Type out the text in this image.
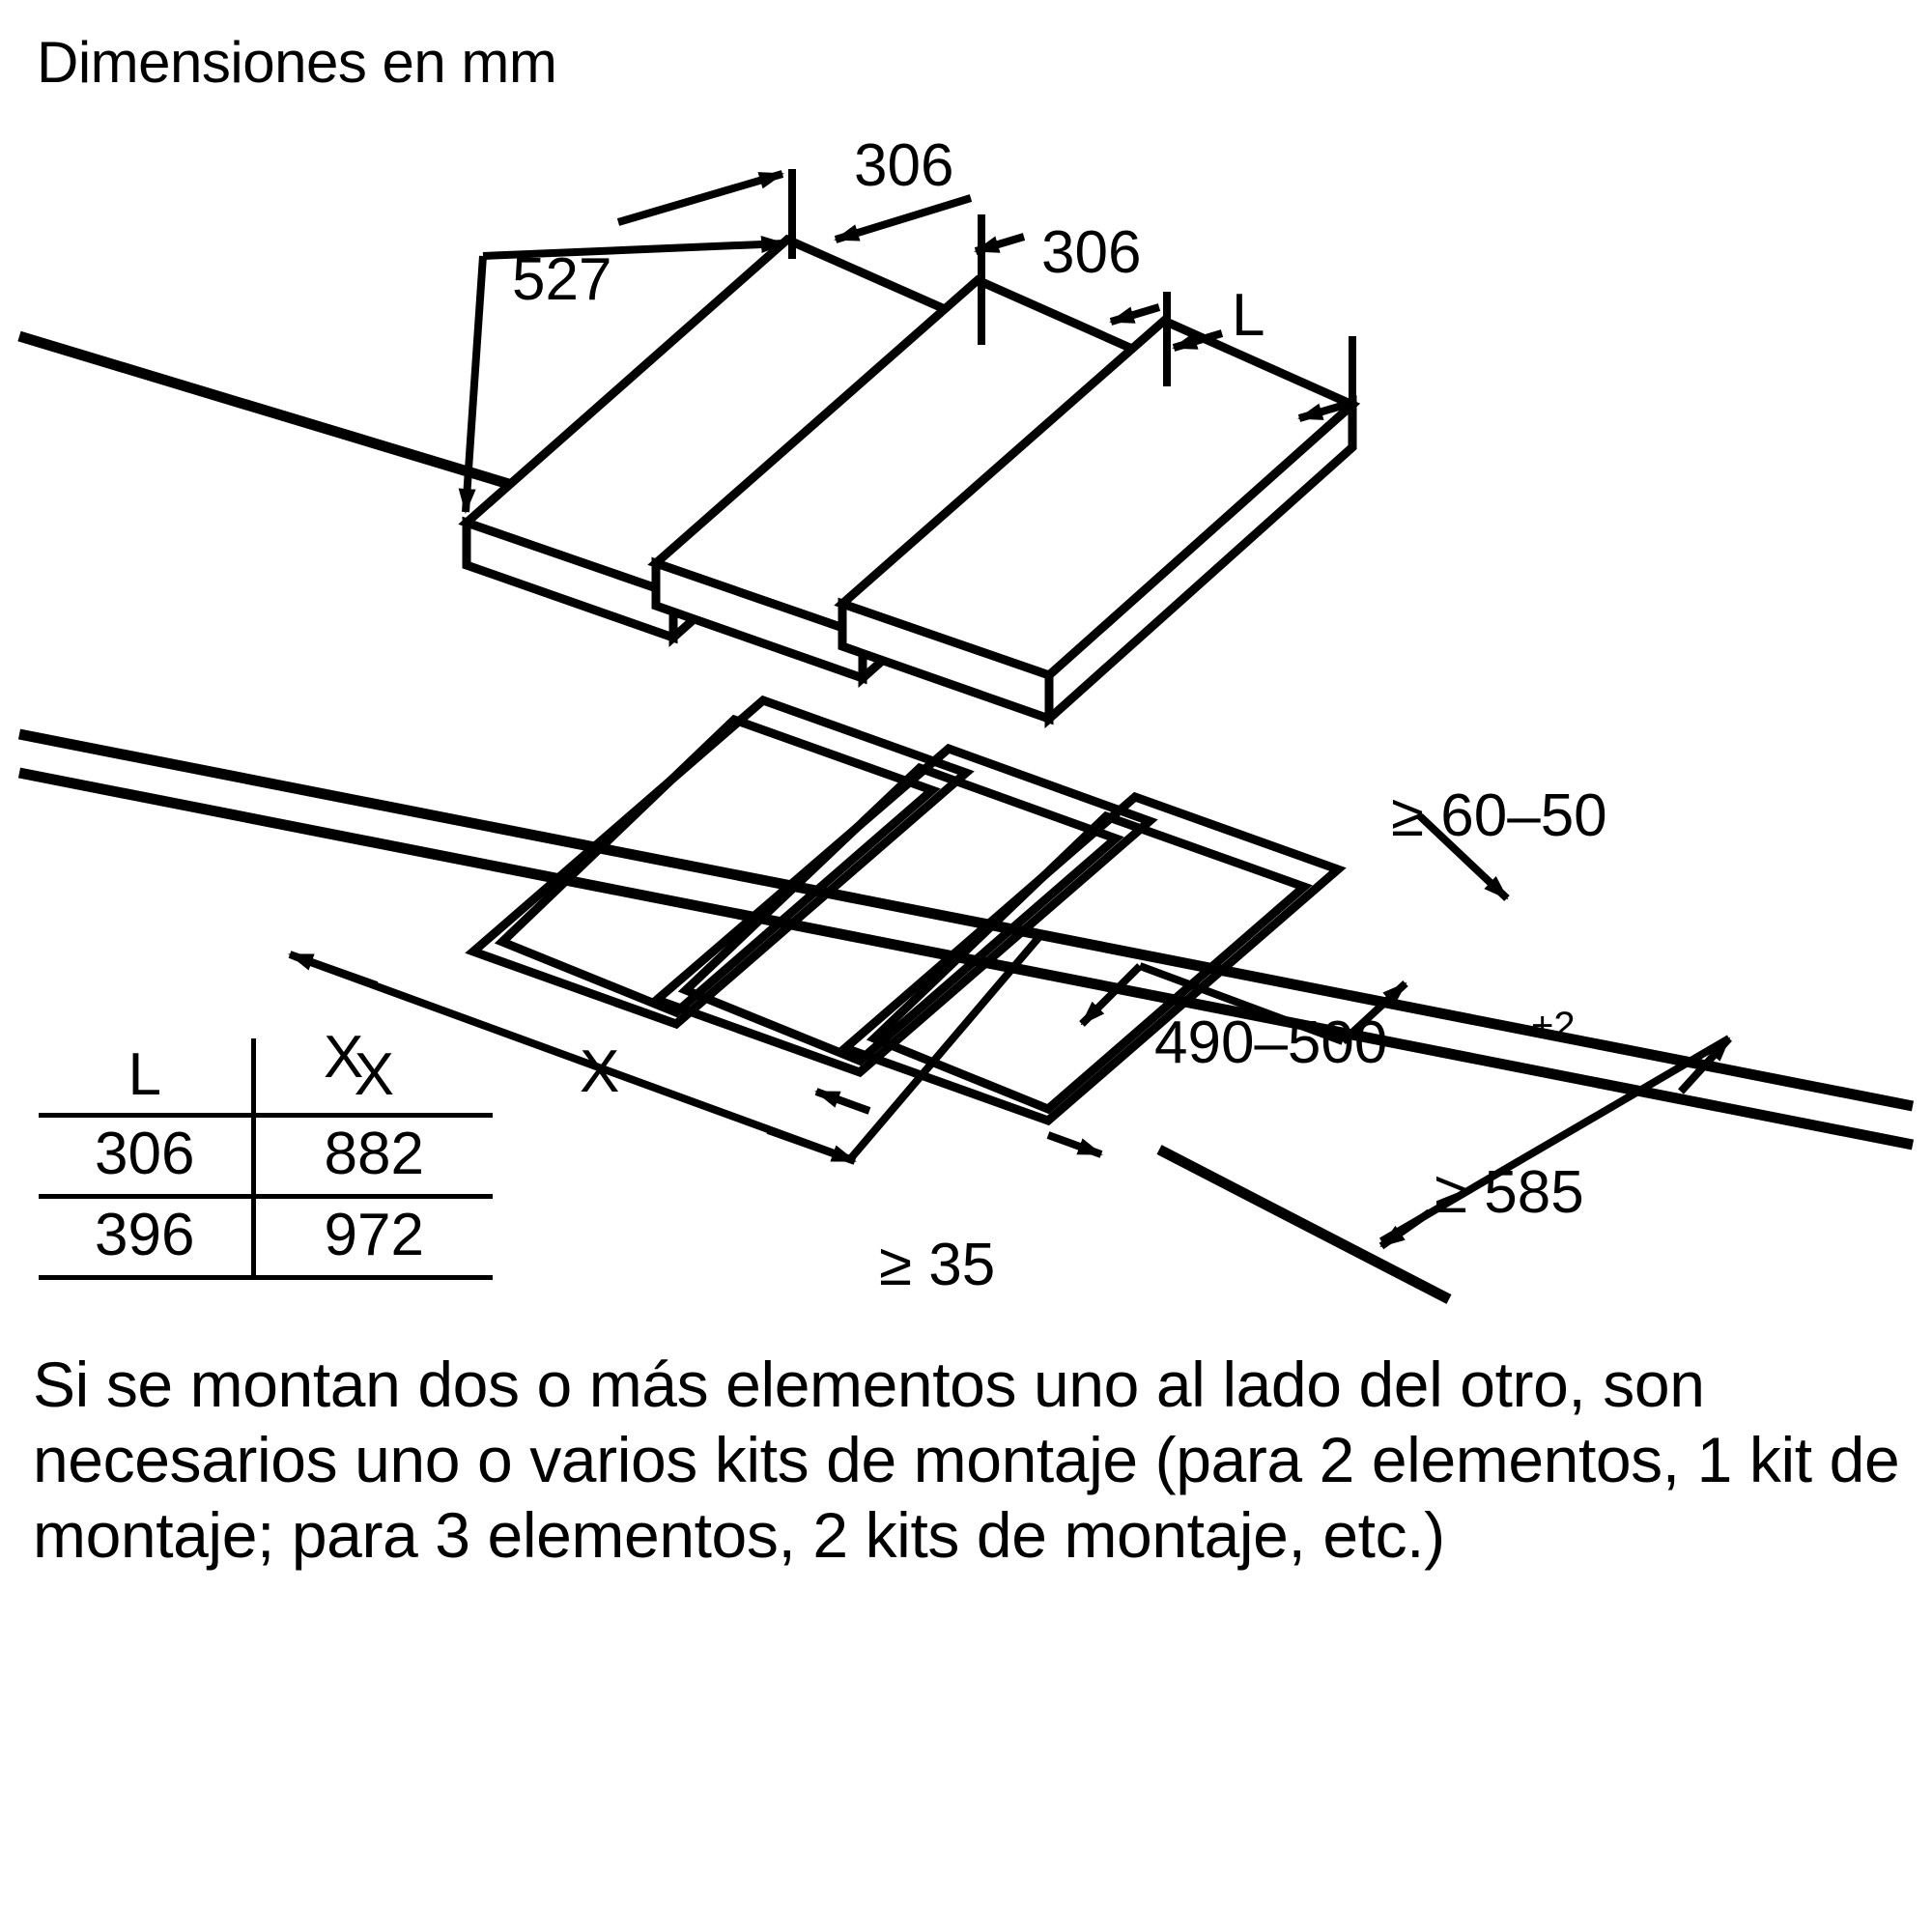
Dimensiones en mm
306
306
L
527
X
X
≥ 60–50
490–500	+2
≥ 585
≥ 35
L	X
306	882
396	972
Si se montan dos o más elementos uno al lado del otro, son necesarios uno o varios kits de montaje (para 2 elementos, 1 kit de montaje; para 3 elementos, 2 kits de montaje, etc.)
